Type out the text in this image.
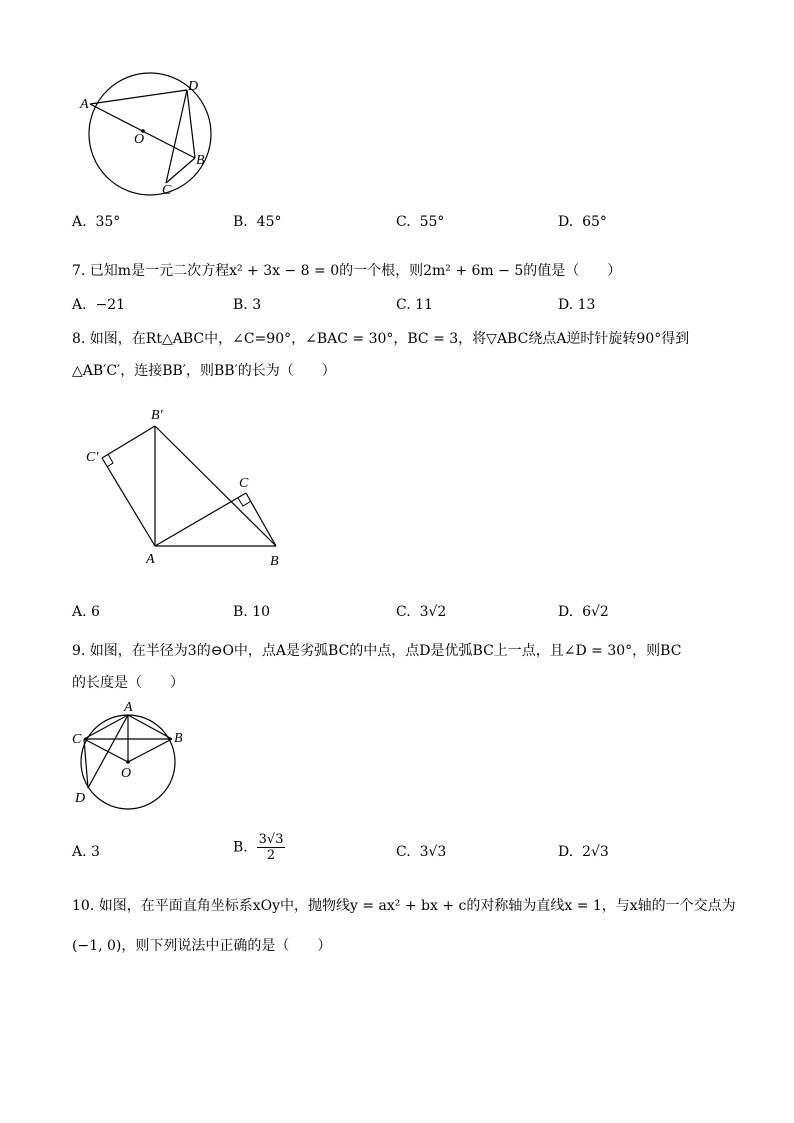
A
D
O
B
C
A. 35°	B. 45°	C. 55°	D. 65°
7. 已知m是一元二次方程x² + 3x − 8 = 0的一个根，则2m² + 6m − 5的值是（　　）
A. −21	B. 3	C. 11	D. 13
8. 如图，在Rt△ABC中，∠C=90°，∠BAC = 30°，BC = 3，将▽ABC绕点A逆时针旋转90°得到
△AB′C′，连接BB′，则BB′的长为（　　）
B′
C′
C
A	B
A. 6	B. 10	C. 3√2	D. 6√2
9. 如图，在半径为3的⊖O中，点A是劣弧BC的中点，点D是优弧BC上一点，且∠D = 30°，则BC
的长度是（　　）
A
C	B
O
D
A. 3	B. $\frac{3√3}{2}$	C. 3√3	D. 2√3
10. 如图，在平面直角坐标系xOy中，抛物线y = ax² + bx + c的对称轴为直线x = 1，与x轴的一个交点为
(−1, 0)，则下列说法中正确的是（　　）
